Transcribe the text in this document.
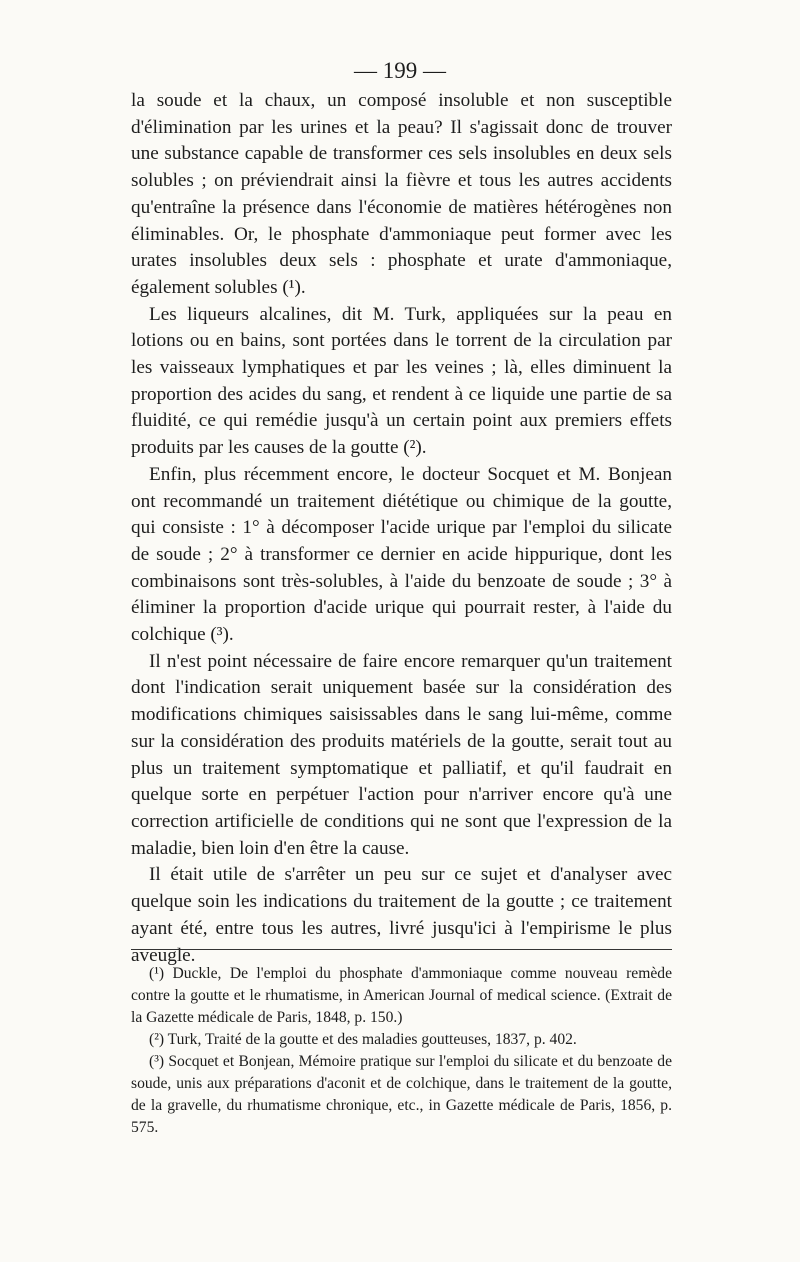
— 199 —

la soude et la chaux, un composé insoluble et non susceptible d'élimination par les urines et la peau? Il s'agissait donc de trouver une substance capable de transformer ces sels insolubles en deux sels solubles ; on préviendrait ainsi la fièvre et tous les autres accidents qu'entraîne la présence dans l'économie de matières hétérogènes non éliminables. Or, le phosphate d'ammoniaque peut former avec les urates insolubles deux sels : phosphate et urate d'ammoniaque, également solubles (¹).

Les liqueurs alcalines, dit M. Turk, appliquées sur la peau en lotions ou en bains, sont portées dans le torrent de la circulation par les vaisseaux lymphatiques et par les veines ; là, elles diminuent la proportion des acides du sang, et rendent à ce liquide une partie de sa fluidité, ce qui remédie jusqu'à un certain point aux premiers effets produits par les causes de la goutte (²).

Enfin, plus récemment encore, le docteur Socquet et M. Bonjean ont recommandé un traitement diététique ou chimique de la goutte, qui consiste : 1° à décomposer l'acide urique par l'emploi du silicate de soude ; 2° à transformer ce dernier en acide hippurique, dont les combinaisons sont très-solubles, à l'aide du benzoate de soude ; 3° à éliminer la proportion d'acide urique qui pourrait rester, à l'aide du colchique (³).

Il n'est point nécessaire de faire encore remarquer qu'un traitement dont l'indication serait uniquement basée sur la considération des modifications chimiques saisissables dans le sang lui-même, comme sur la considération des produits matériels de la goutte, serait tout au plus un traitement symptomatique et palliatif, et qu'il faudrait en quelque sorte en perpétuer l'action pour n'arriver encore qu'à une correction artificielle de conditions qui ne sont que l'expression de la maladie, bien loin d'en être la cause.

Il était utile de s'arrêter un peu sur ce sujet et d'analyser avec quelque soin les indications du traitement de la goutte ; ce traitement ayant été, entre tous les autres, livré jusqu'ici à l'empirisme le plus aveugle.

(¹) Duckle, De l'emploi du phosphate d'ammoniaque comme nouveau remède contre la goutte et le rhumatisme, in American Journal of medical science. (Extrait de la Gazette médicale de Paris, 1848, p. 150.)

(²) Turk, Traité de la goutte et des maladies goutteuses, 1837, p. 402.

(³) Socquet et Bonjean, Mémoire pratique sur l'emploi du silicate et du benzoate de soude, unis aux préparations d'aconit et de colchique, dans le traitement de la goutte, de la gravelle, du rhumatisme chronique, etc., in Gazette médicale de Paris, 1856, p. 575.
